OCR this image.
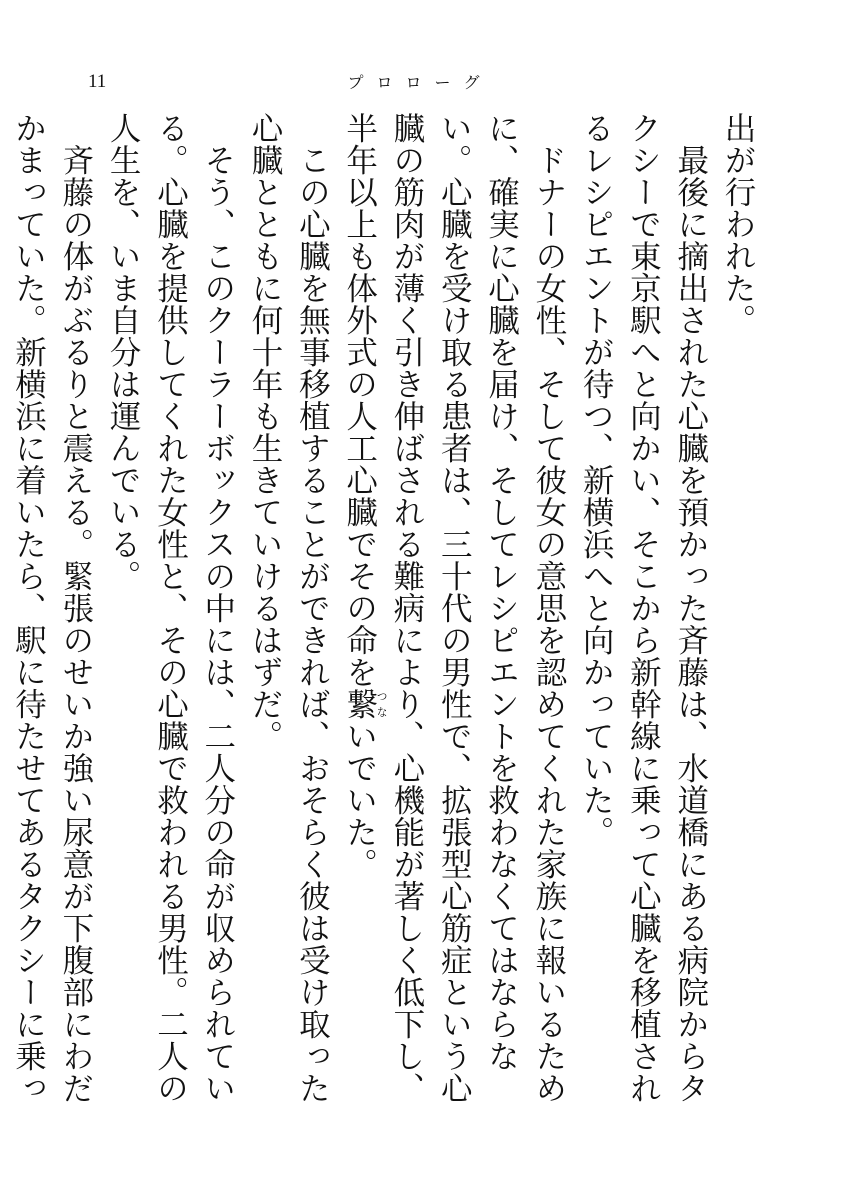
11	プロローグ

出が行われた。

最後に摘出された心臓を預かった斉藤は、水道橋にある病院からタクシーで東京駅へと向かい、そこから新幹線に乗って心臓を移植されるレシピエントが待つ、新横浜へと向かっていた。

ドナーの女性、そして彼女の意思を認めてくれた家族に報いるために、確実に心臓を届け、そしてレシピエントを救わなくてはならない。心臓を受け取る患者は、三十代の男性で、拡張型心筋症という心臓の筋肉が薄く引き伸ばされる難病により、心機能が著しく低下し、半年以上も体外式の人工心臓でその命を繋つないでいた。

この心臓を無事移植することができれば、おそらく彼は受け取った心臓とともに何十年も生きていけるはずだ。

そう、このクーラーボックスの中には、二人分の命が収められている。心臓を提供してくれた女性と、その心臓で救われる男性。二人の人生を、いま自分は運んでいる。

斉藤の体がぶるりと震える。緊張のせいか強い尿意が下腹部にわだかまっていた。新横浜に着いたら、駅に待たせてあるタクシーに乗っ
